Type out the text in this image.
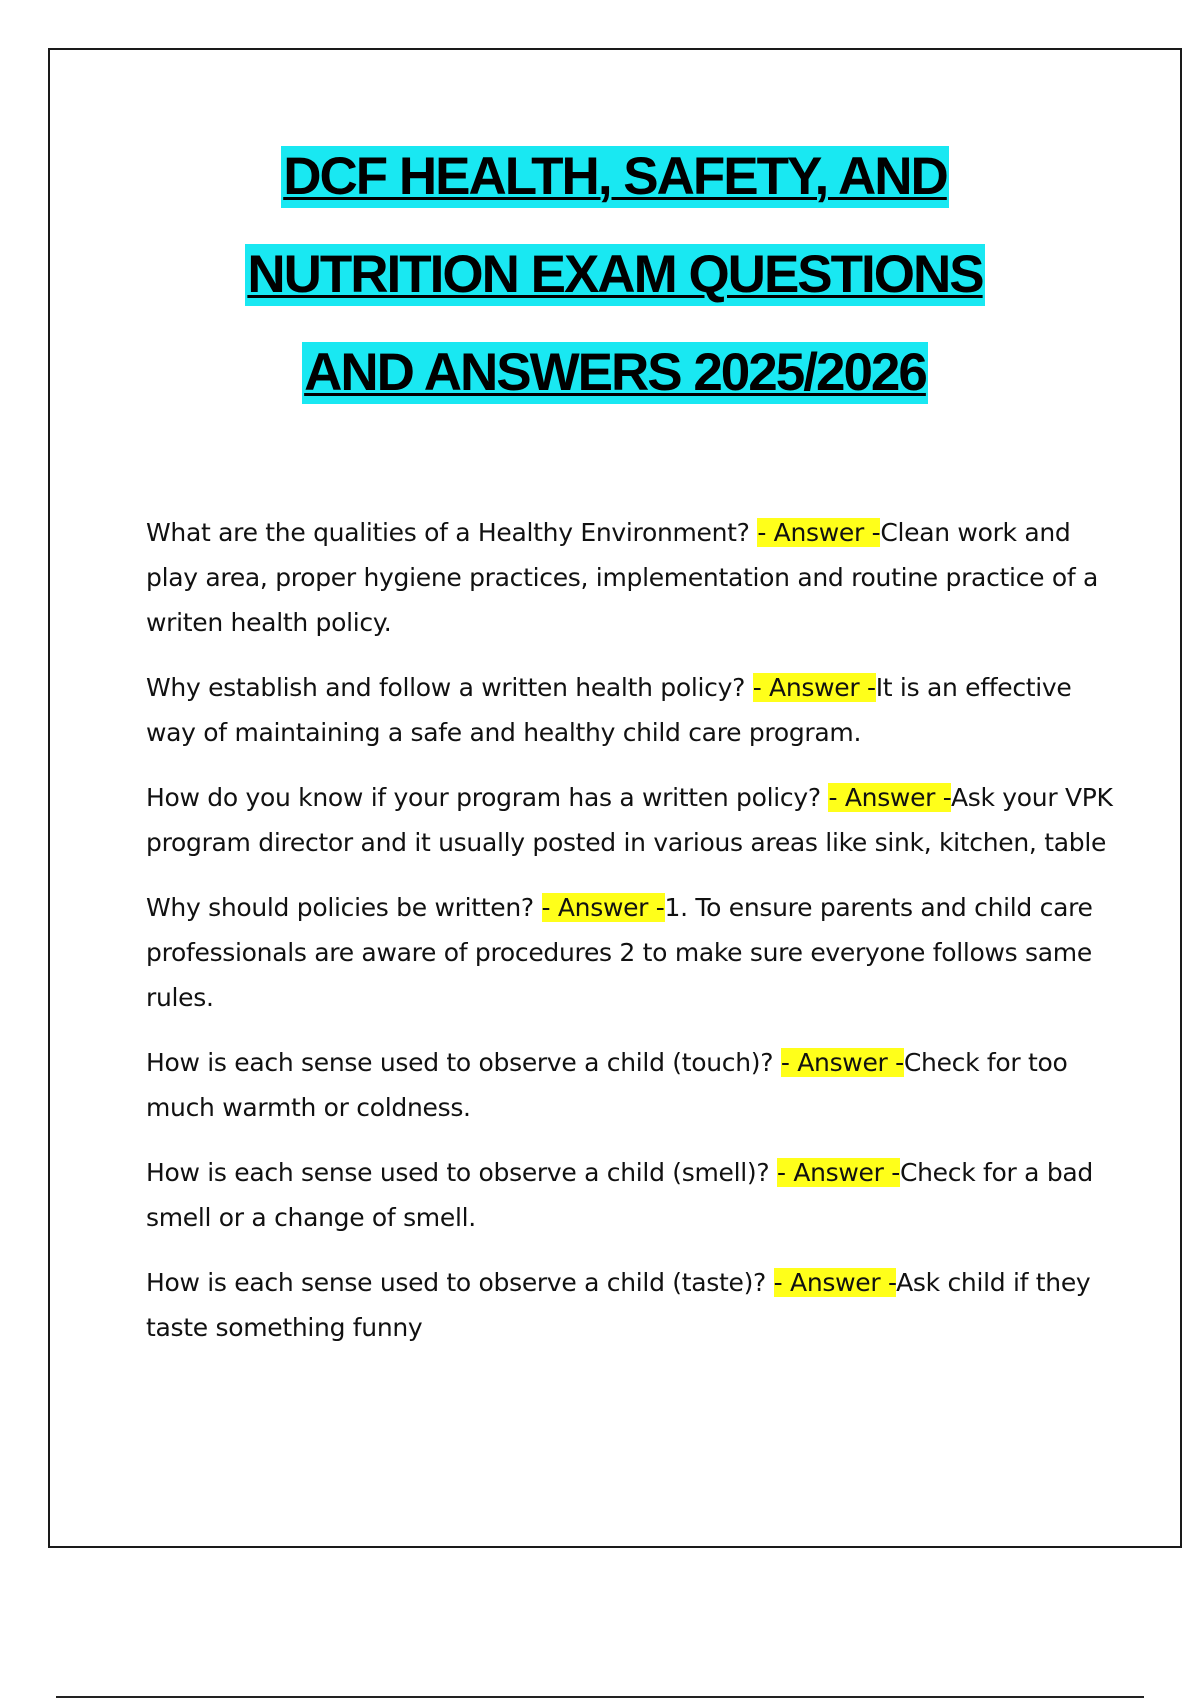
DCF HEALTH, SAFETY, AND
NUTRITION EXAM QUESTIONS
AND ANSWERS 2025/2026

What are the qualities of a Healthy Environment? - Answer -Clean work and play area, proper hygiene practices, implementation and routine practice of a writen health policy.

Why establish and follow a written health policy? - Answer -It is an effective way of maintaining a safe and healthy child care program.

How do you know if your program has a written policy? - Answer -Ask your VPK program director and it usually posted in various areas like sink, kitchen, table

Why should policies be written? - Answer -1. To ensure parents and child care professionals are aware of procedures 2 to make sure everyone follows same rules.

How is each sense used to observe a child (touch)? - Answer -Check for too much warmth or coldness.

How is each sense used to observe a child (smell)? - Answer -Check for a bad smell or a change of smell.

How is each sense used to observe a child (taste)? - Answer -Ask child if they taste something funny
